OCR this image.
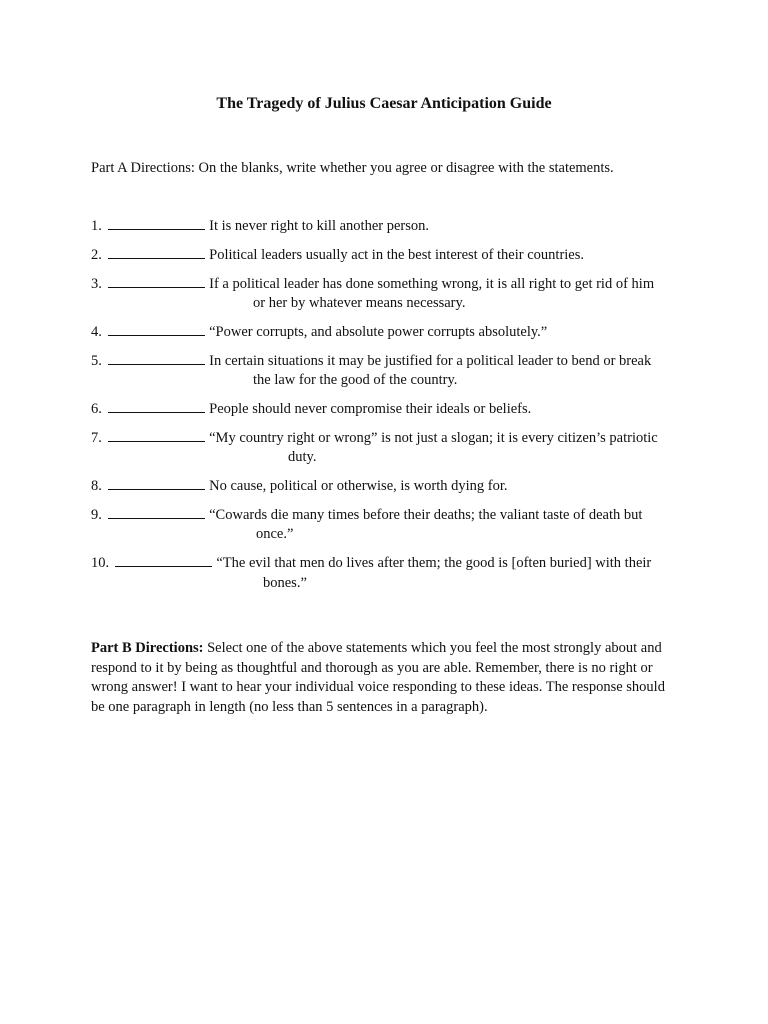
The Tragedy of Julius Caesar Anticipation Guide

Part A Directions: On the blanks, write whether you agree or disagree with the statements.

1.	It is never right to kill another person.
2.	Political leaders usually act in the best interest of their countries.
3.	If a political leader has done something wrong, it is all right to get rid of him
or her by whatever means necessary.
4.	“Power corrupts, and absolute power corrupts absolutely.”
5.	In certain situations it may be justified for a political leader to bend or break
the law for the good of the country.
6.	People should never compromise their ideals or beliefs.
7.	“My country right or wrong” is not just a slogan; it is every citizen’s patriotic
duty.
8.	No cause, political or otherwise, is worth dying for.
9.	“Cowards die many times before their deaths; the valiant taste of death but
once.”
10.	“The evil that men do lives after them; the good is [often buried] with their
bones.”

Part B Directions: Select one of the above statements which you feel the most strongly about and respond to it by being as thoughtful and thorough as you are able. Remember, there is no right or wrong answer! I want to hear your individual voice responding to these ideas. The response should be one paragraph in length (no less than 5 sentences in a paragraph).
